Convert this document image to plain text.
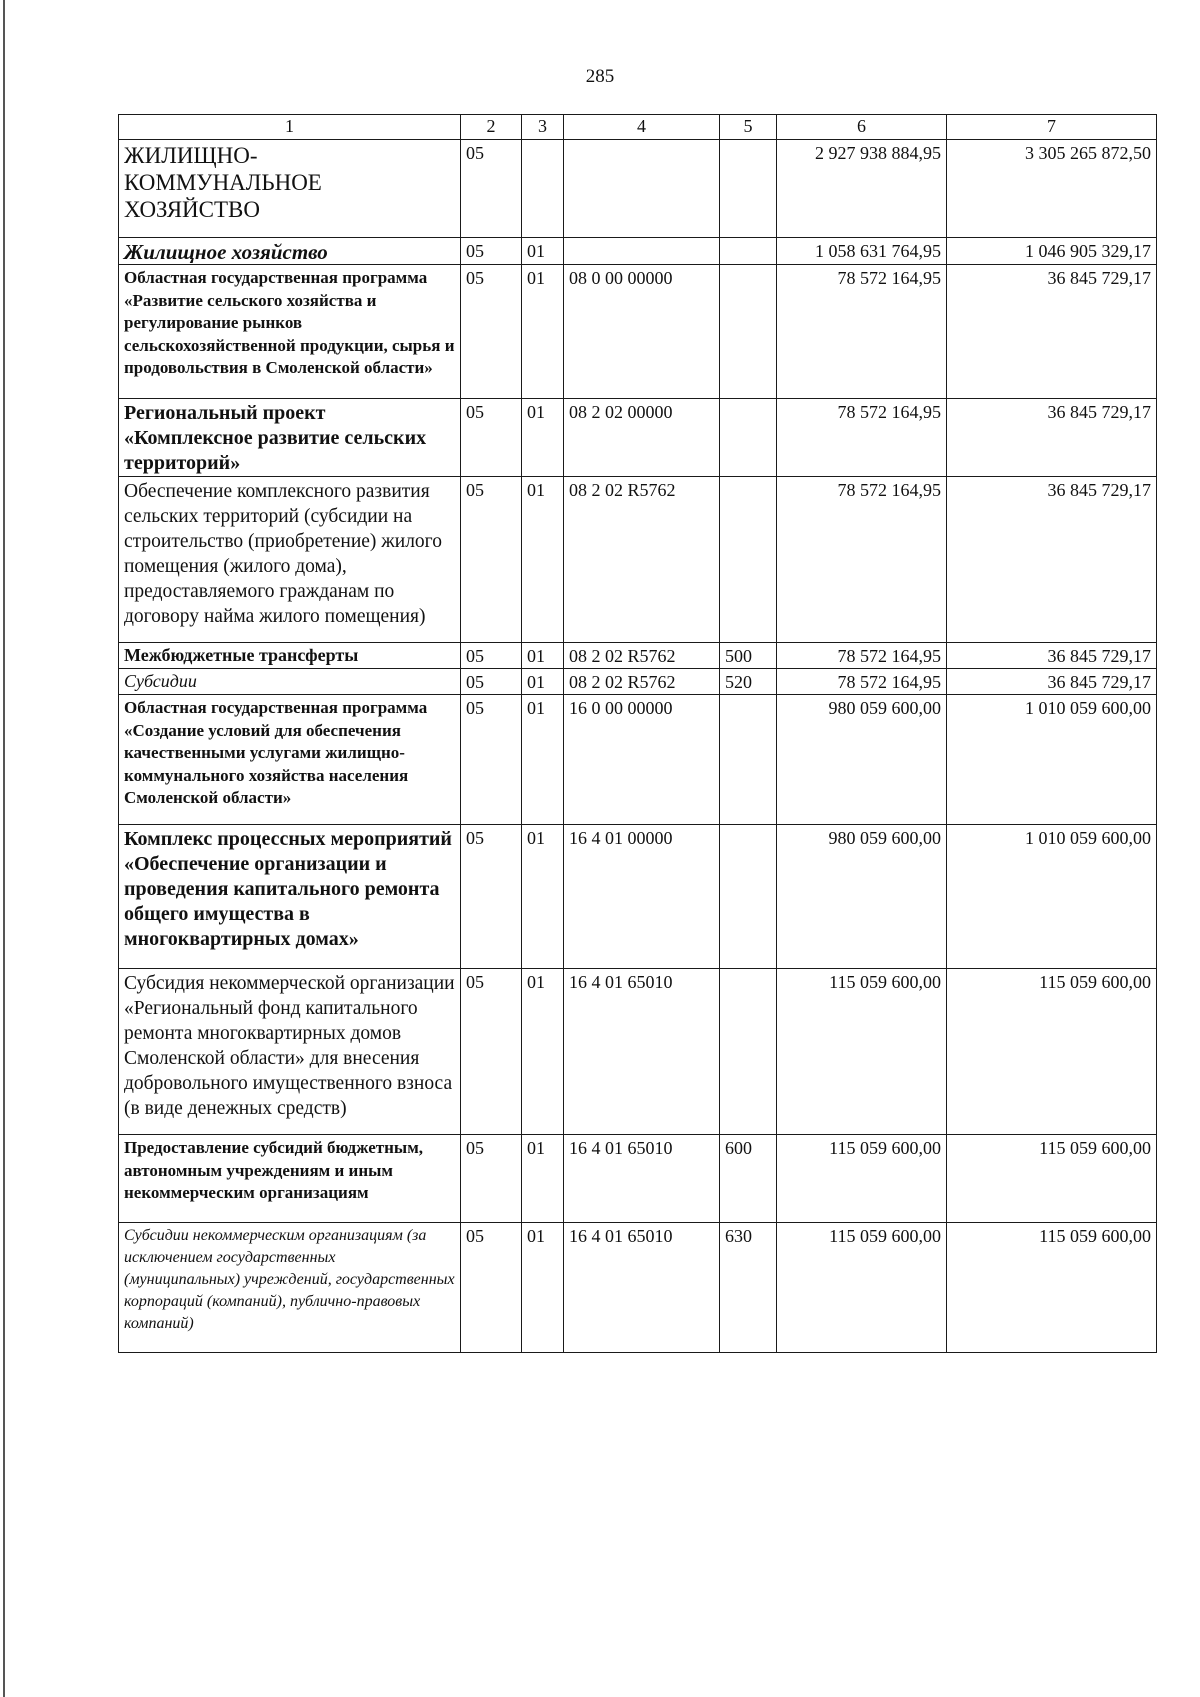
285
1	2	3	4	5	6	7
ЖИЛИЩНО-КОММУНАЛЬНОЕ ХОЗЯЙСТВО	05				2 927 938 884,95	3 305 265 872,50
Жилищное хозяйство	05	01			1 058 631 764,95	1 046 905 329,17
Областная государственная программа «Развитие сельского хозяйства и регулирование рынков сельскохозяйственной продукции, сырья и продовольствия в Смоленской области»	05	01	08 0 00 00000		78 572 164,95	36 845 729,17
Региональный проект «Комплексное развитие сельских территорий»	05	01	08 2 02 00000		78 572 164,95	36 845 729,17
Обеспечение комплексного развития сельских территорий (субсидии на строительство (приобретение) жилого помещения (жилого дома), предоставляемого гражданам по договору найма жилого помещения)	05	01	08 2 02 R5762		78 572 164,95	36 845 729,17
Межбюджетные трансферты	05	01	08 2 02 R5762	500	78 572 164,95	36 845 729,17
Субсидии	05	01	08 2 02 R5762	520	78 572 164,95	36 845 729,17
Областная государственная программа «Создание условий для обеспечения качественными услугами жилищно-коммунального хозяйства населения Смоленской области»	05	01	16 0 00 00000		980 059 600,00	1 010 059 600,00
Комплекс процессных мероприятий «Обеспечение организации и проведения капитального ремонта общего имущества в многоквартирных домах»	05	01	16 4 01 00000		980 059 600,00	1 010 059 600,00
Субсидия некоммерческой организации «Региональный фонд капитального ремонта многоквартирных домов Смоленской области» для внесения добровольного имущественного взноса (в виде денежных средств)	05	01	16 4 01 65010		115 059 600,00	115 059 600,00
Предоставление субсидий бюджетным, автономным учреждениям и иным некоммерческим организациям	05	01	16 4 01 65010	600	115 059 600,00	115 059 600,00
Субсидии некоммерческим организациям (за исключением государственных (муниципальных) учреждений, государственных корпораций (компаний), публично-правовых компаний)	05	01	16 4 01 65010	630	115 059 600,00	115 059 600,00
